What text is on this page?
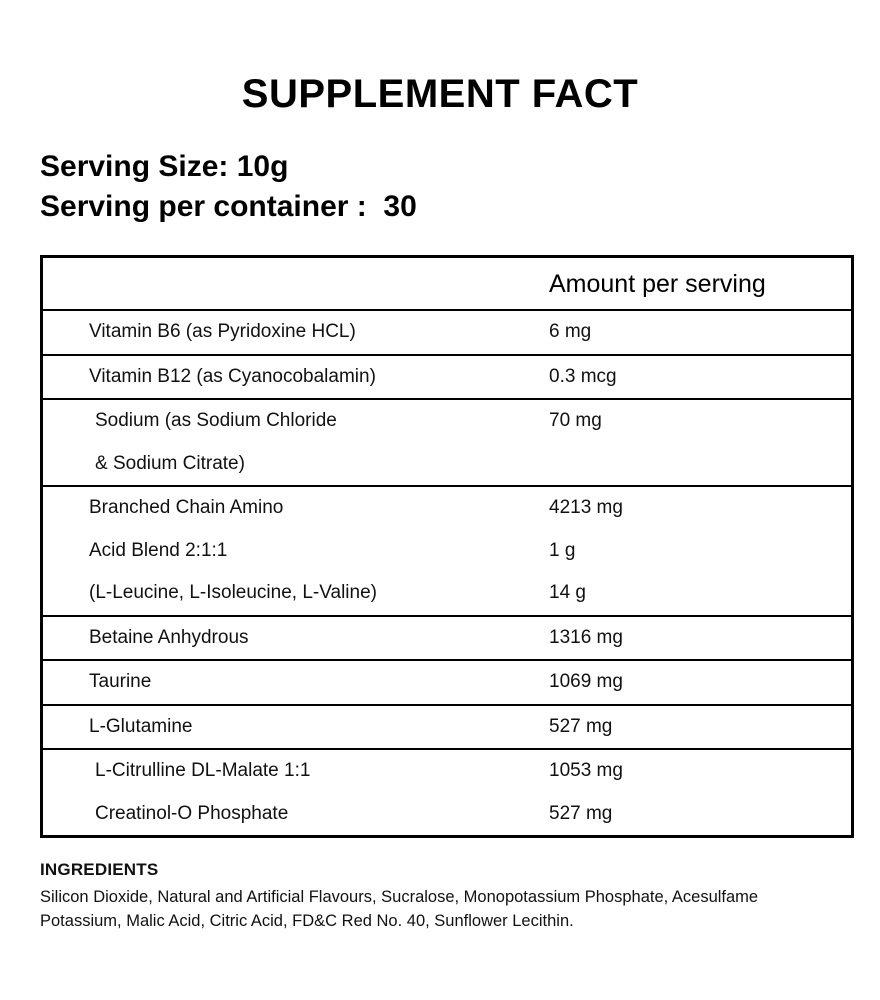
SUPPLEMENT FACT
Serving Size: 10g
Serving per container :  30
Amount per serving
Vitamin B6 (as Pyridoxine HCL)	6 mg
Vitamin B12 (as Cyanocobalamin)	0.3 mcg
Sodium (as Sodium Chloride	70 mg
& Sodium Citrate)
Branched Chain Amino	4213 mg
Acid Blend 2:1:1	1 g
(L-Leucine, L-Isoleucine, L-Valine)	14 g
Betaine Anhydrous	1316 mg
Taurine	1069 mg
L-Glutamine	527 mg
L-Citrulline DL-Malate 1:1	1053 mg
Creatinol-O Phosphate	527 mg
INGREDIENTS
Silicon Dioxide, Natural and Artificial Flavours, Sucralose, Monopotassium Phosphate, Acesulfame Potassium, Malic Acid, Citric Acid, FD&C Red No. 40, Sunflower Lecithin.
